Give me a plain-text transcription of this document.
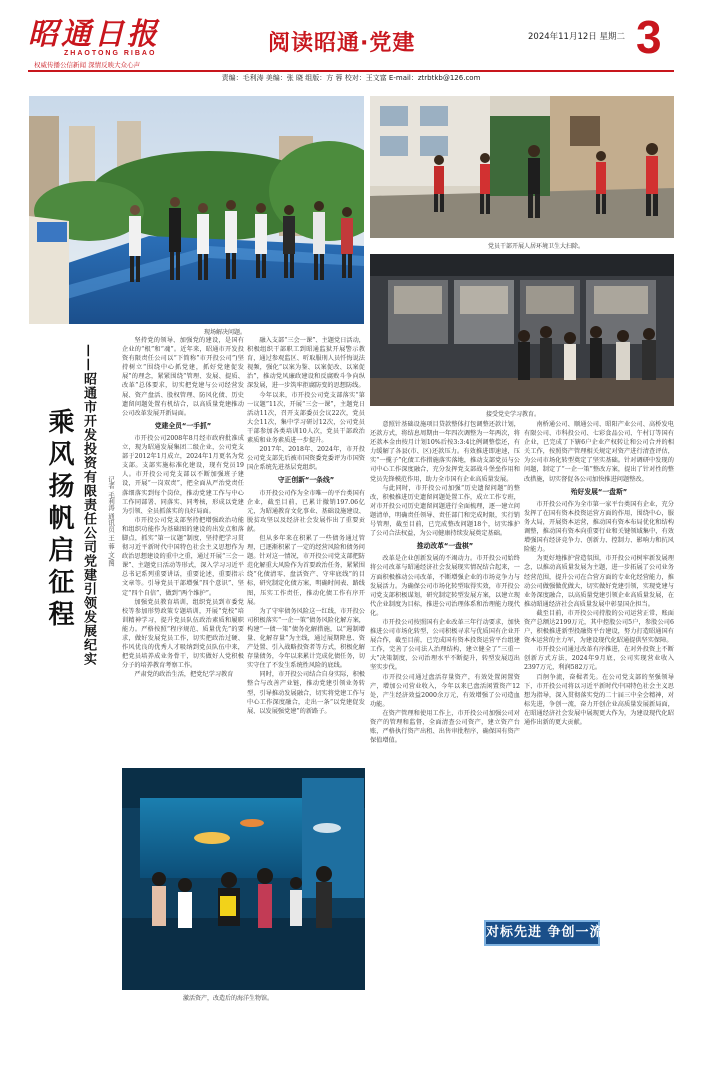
昭通日报
ZHAOTONG RIBAO
权威传播公信新闻 深情反映大众心声
阅读昭通·党建	2024年11月12日 星期二 3
责编：毛利涛 美编：张 晓 组版：方 蓉 校对：王文富 E-mail：ztrbtkb@126.com
现场解决问题。
党员干部开展人居环境卫生大扫除。
接受党史学习教育。
——昭通市开发投资有限责任公司党建引领发展纪实
乘风扬帆启征程	记者 毛利涛 通讯员 王 蓉 文/图

坚持党的领导、加强党的建设，是国有企业的“根”和“魂”。近年来，昭通市开发投资有限责任公司以“下简称”市开投公司”)坚持树立“围绕中心抓党建，抓好党建促发展”的理念，紧紧围绕“管理、发展、提质、改革”总体要求，切实把党建与公司经营发展、资产盘活、股权管理、防风化债、历史遗留问题处置有机结合，以高质量党建推动公司改革发展开新局面。

党建全员“一手抓”

市开投公司2008年8月经市政府批准成立，现为昭通发展集团二级企业，公司党支部于2012年1月成立，2024年1月更名为党支部。支部实施标准化建设，现有党员19人。市开投公司党支部以不断加强班子建设，开展“一岗双责”，把全面从严治党责任落细落实到每个岗位，推动党建工作与中心工作同部署、同落实、同考核，形成以党建为引领、全员抓落实的良好局面。

市开投公司党支部坚持把增强政治功能和组织功能作为基础图的建设的出发点和落脚点，抓实“第一议题”制度，坚持把学习贯彻习近平新时代中国特色社会主义思想作为政治思想建设的重中之重，通过开展“三会一课”、主题党日活动等形式，深入学习习近平总书记系列重要讲话，重要论述，重要指示文章等。引导党员干部增强“四个意识”、坚定“四个自信”，做到“两个维护”。

加强党员教育培训，组织党员到市委党校等参加形势政策专题培训，开展“党校”培训精神学习，提升党员队伍政治素质和履职能力。严格按照“程序规范、质量优先”的要求，做好发展党员工作，切实把政治过硬、作风优良的优秀人才吸纳到党员队伍中来，把党员培养成业务骨干，切实做好人党积极分子的培养教育考察工作。

严肃党的政治生活，把党纪学习教育

融入支部“三会一课”、主题党日活动，积极组织干部职工到昭通监狱开展警示教育，通过参观监区、听取服刑人员忏悔说法视频，强化“以案为鉴、以案促改、以案促治”，推动党风廉政建设和反腐败斗争向纵深发展，进一步筑牢拒腐防变的思想防线。

今年以来，市开投公司党支部落实“第一议题”11次，开展“三会一课”，主题党日活动11次，召开支部委员会议22次，党员大会11次，集中学习研讨12次，公司党员干部参加各类培训10人次，党员干部政治素质和业务素质进一步提升。

2017年、2018年、2024年，市开投公司党支部先后被市国资委党委评为市国资国企系统先进基层党组织。

守正创新“一条线”

市开投公司作为全市唯一的平台类国有企业，截至目前，已累计撤销197.06亿元，为昭通教育文化事业、基础设施建设、脱贫攻坚以及经济社会发展作出了重要贡献。

但从多年来在积累了一些债务通过管理，已逐渐积累了一定的经营风险和债务问题。针对这一情况，市开投公司党支部把防范化解重大风险作为首要政治任务，紧紧围绕“化债清零、盘活资产、守牢底线”的目标，研究制定化债方案，明确时间表、路线图，压实工作责任，推动化债工作有序开展。

为了守牢债务风险这一红线，市开投公司积极落实“一企一策”债务风险化解方案，构建“一债一策”债务化解措施，以“遏制增量、化解存量”为主线，通过展期降息、资产处置、引入战略投资者等方式，积极化解存量债务，今年以来累计完成化债任务，切实守住了不发生系统性风险的底线。

同时，市开投公司结合自身实际，积极整合与改善产业链，推动党建引领业务转型，引导推动发展融合，切实将党建工作与中心工作深度融合，走出一条“以党建促发展、以发展强党建”的新路子。

意照针基础设施项目贷款整体打包调整还款计划，还款方式，将结息周期由一年四次调整为一年两次，将还款本金由按月计划10%后按3:3:4比例调整偿还，有力缓解了各县(市、区)还款压力。有效推进即速速，压实“一揽子”化债工作措施落实落地，推动支部党员与公司中心工作深度融合，充分发挥党支部战斗堡垒作用和党员先锋模范作用，助力全市国有企业高质量发展。

与此同时，市开投公司加强“历史遗留问题”的整改，积极推进历史遗留问题处置工作，成立工作专班，对市开投公司历史遗留问题进行全面梳理，逐一建立问题清单，明确责任领导、责任部门和完成时限，实行销号管理，截至目前，已完成整改问题18个，切实维护了公司合法权益，为公司健康持续发展奠定基础。

推动改革“一盘棋”

改革是企业创新发展的不竭动力。市开投公司始终将公司改革与昭通经济社会发展现实情况结合起来，一方面积极推动公司改革，不断增强企业的市场竞争力与发展活力。为确保公司市场化转型取得实效，市开投公司党支部积极谋划，研究制定转型发展方案，以建立现代企业制度为目标，推进公司治理体系和治理能力现代化。

市开投公司按照国有企业改革三年行动要求，加快推进公司市场化转型，公司积极寻求与优质国有企业开展合作，截至目前，已完成国有资本投资运营平台组建工作，完善了公司法人治理结构，建立健全了“三重一大”决策制度，公司治理水平不断提升，转型发展迈出坚实步伐。

市开投公司通过盘活存量资产，有效处置闲置资产，增加公司营业收入，今年以来已盘活闲置资产12处，产生经济效益2000余万元，有效增强了公司造血功能。

在资产管理和使用工作上，市开投公司加强公司对资产的管理和监督，全面清查公司资产，建立资产台账，严格执行资产出租、出售审批程序，确保国有资产保值增值。

南桥通公司、顺通公司、昭阳产业公司、高桥发电有限公司、市科投公司、七彩食品公司、午村订等国有企业，已完成了下辖6户企业产权转让和公司合并的相关工作，按照资产管理相关规定对资产进行清查评估，为公司市场化转型奠定了坚实基础。针对调研中发现的问题，制定了“一企一策”整改方案，提出了针对性的整改措施，切实督促各公司加快推进问题整改。

殆好发展“一盘斯”

市开投公司作为全市第一家平台类国有企业，充分发挥了在国有资本投资运营方面的作用，围绕中心，服务大局，开展资本运营，推动国有资本布局优化和结构调整，推动国有资本向重要行业和关键领域集中，有效增强国有经济竞争力、创新力、控制力、影响力和抗风险能力。

为更好地推护营造氛围，市开投公司树牢新发展理念，以推动高质量发展为主题，进一步拓展了公司业务经营范围，提升公司在合营方面的专业化经营能力，推动公司做强做优做大，切实做好党建引领，实现党建与业务深度融合，以高质量党建引领企业高质量发展，在推动昭通经济社会高质量发展中彰显国企担当。

截至目前，市开投公司持股的公司运营正常，账面资产总额达2199万元，其中控股公司5户，参股公司6户，积极推进新型投融资平台建设，努力打造昭通国有资本运营的主力军，为建设现代化昭通提供坚实保障。

市开投公司通过改革有序推进，在对外投资上不断创新方式方法，2024年9月底，公司实现营业收入2397万元，利润582万元。

百舸争流，奋楫者先。在公司党支部的坚强领导下，市开投公司将以习近平新时代中国特色社会主义思想为指导，深入贯彻落实党的二十届三中全会精神，对标先进，争创一流，奋力开创企业高质量发展新局面，在昭通经济社会发展中展现更大作为，为建设现代化昭通作出新的更大贡献。

对标先进 争创一流
激活资产，改造后的海洋生物馆。
